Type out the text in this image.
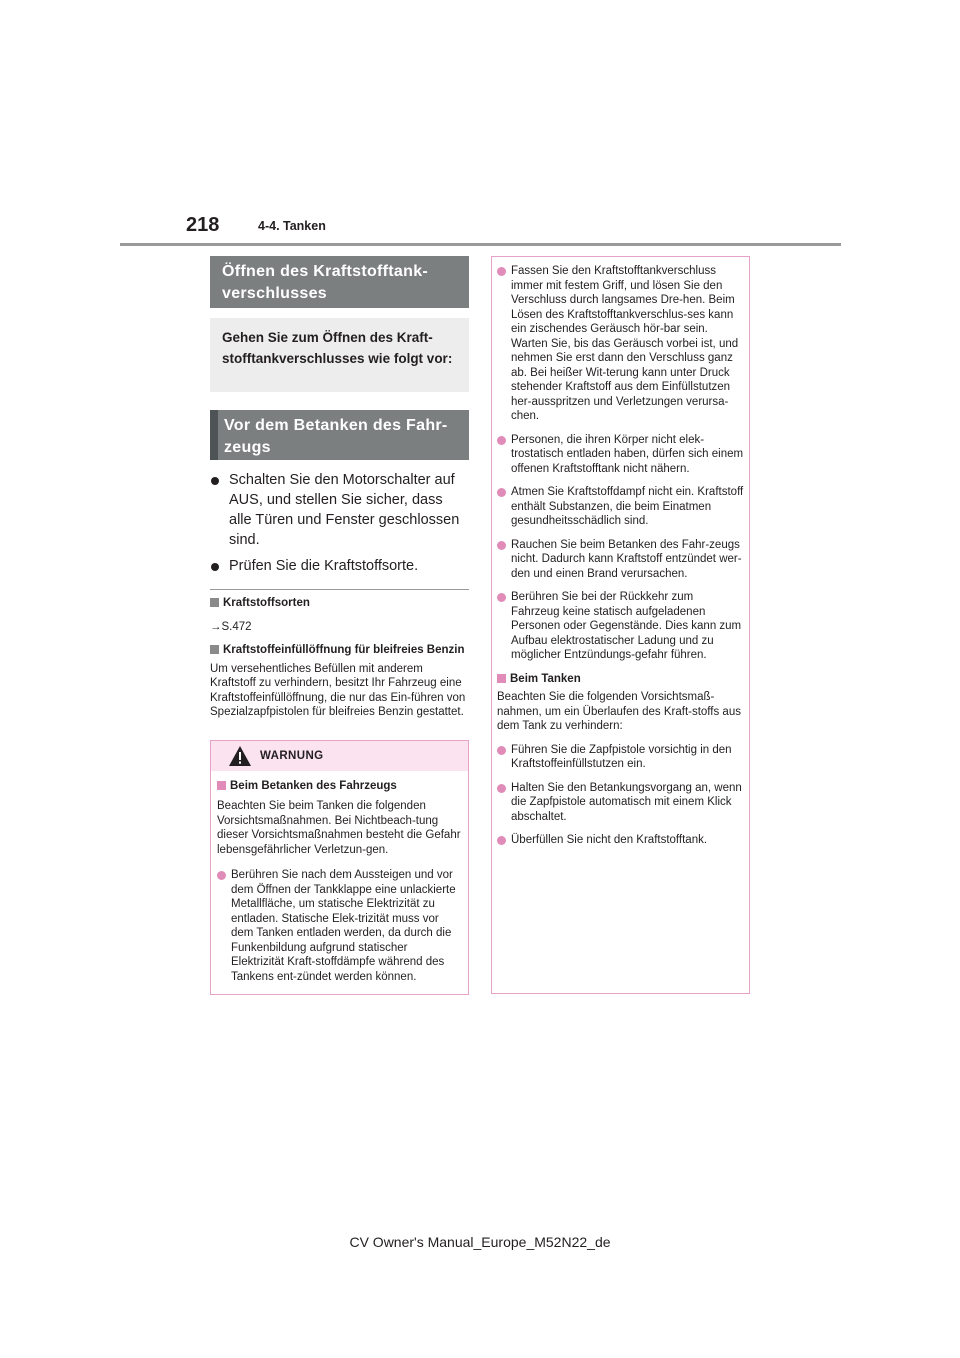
218	4-4. Tanken
Öffnen des Kraftstofftank-verschlusses
Gehen Sie zum Öffnen des Kraft-stofftankverschlusses wie folgt vor:
Vor dem Betanken des Fahr-zeugs
Schalten Sie den Motorschalter auf AUS, und stellen Sie sicher, dass alle Türen und Fenster geschlossen sind.
Prüfen Sie die Kraftstoffsorte.
Kraftstoffsorten
→S.472
Kraftstoffeinfüllöffnung für bleifreies Benzin
Um versehentliches Befüllen mit anderem Kraftstoff zu verhindern, besitzt Ihr Fahrzeug eine Kraftstoffeinfüllöffnung, die nur das Ein-führen von Spezialzapfpistolen für bleifreies Benzin gestattet.
WARNUNG
Beim Betanken des Fahrzeugs
Beachten Sie beim Tanken die folgenden Vorsichtsmaßnahmen. Bei Nichtbeach-tung dieser Vorsichtsmaßnahmen besteht die Gefahr lebensgefährlicher Verletzun-gen.
Berühren Sie nach dem Aussteigen und vor dem Öffnen der Tankklappe eine unlackierte Metallfläche, um statische Elektrizität zu entladen. Statische Elek-trizität muss vor dem Tanken entladen werden, da durch die Funkenbildung aufgrund statischer Elektrizität Kraft-stoffdämpfe während des Tankens ent-zündet werden können.
Fassen Sie den Kraftstofftankverschluss immer mit festem Griff, und lösen Sie den Verschluss durch langsames Dre-hen. Beim Lösen des Kraftstofftankverschlus-ses kann ein zischendes Geräusch hör-bar sein. Warten Sie, bis das Geräusch vorbei ist, und nehmen Sie erst dann den Verschluss ganz ab. Bei heißer Wit-terung kann unter Druck stehender Kraftstoff aus dem Einfüllstutzen her-ausspritzen und Verletzungen verursa-chen.
Personen, die ihren Körper nicht elek-trostatisch entladen haben, dürfen sich einem offenen Kraftstofftank nicht nähern.
Atmen Sie Kraftstoffdampf nicht ein. Kraftstoff enthält Substanzen, die beim Einatmen gesundheitsschädlich sind.
Rauchen Sie beim Betanken des Fahr-zeugs nicht. Dadurch kann Kraftstoff entzündet wer-den und einen Brand verursachen.
Berühren Sie bei der Rückkehr zum Fahrzeug keine statisch aufgeladenen Personen oder Gegenstände. Dies kann zum Aufbau elektrostatischer Ladung und zu möglicher Entzündungs-gefahr führen.
Beim Tanken
Beachten Sie die folgenden Vorsichtsmaß-nahmen, um ein Überlaufen des Kraft-stoffs aus dem Tank zu verhindern:
Führen Sie die Zapfpistole vorsichtig in den Kraftstoffeinfüllstutzen ein.
Halten Sie den Betankungsvorgang an, wenn die Zapfpistole automatisch mit einem Klick abschaltet.
Überfüllen Sie nicht den Kraftstofftank.
CV Owner's Manual_Europe_M52N22_de
